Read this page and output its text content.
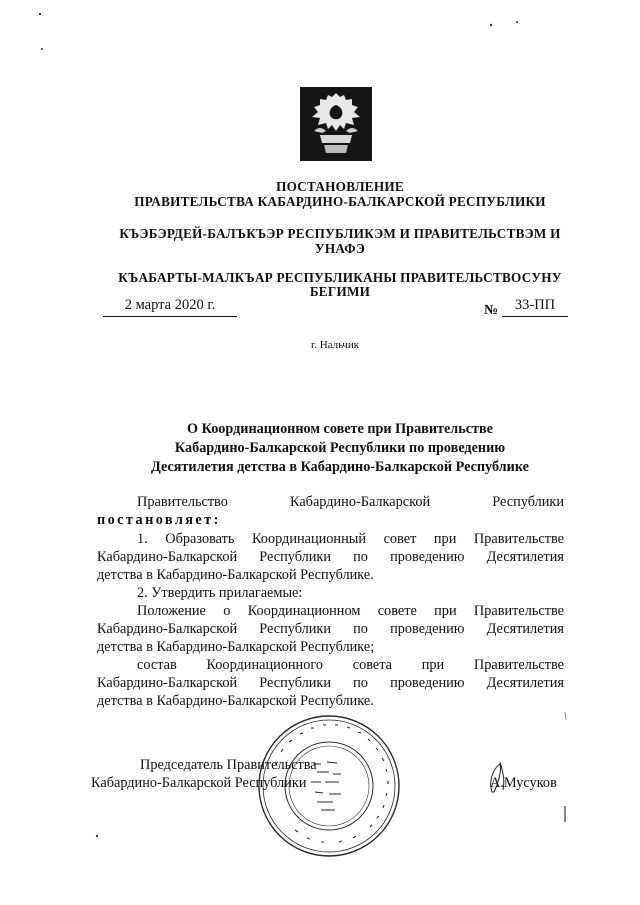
ПОСТАНОВЛЕНИЕ
ПРАВИТЕЛЬСТВА КАБАРДИНО-БАЛКАРСКОЙ РЕСПУБЛИКИ
КЪЭБЭРДЕЙ-БАЛЪКЪЭР РЕСПУБЛИКЭМ И ПРАВИТЕЛЬСТВЭМ И
УНАФЭ
КЪАБАРТЫ-МАЛКЪАР РЕСПУБЛИКАНЫ ПРАВИТЕЛЬСТВОСУНУ
БЕГИМИ
2 марта 2020 г.	№	33-ПП
г. Нальчик
О Координационном совете при Правительстве
Кабардино-Балкарской Республики по проведению
Десятилетия детства в Кабардино-Балкарской Республике
Правительство Кабардино-Балкарской Республики
постановляет:
1. Образовать Координационный совет при Правительстве
Кабардино-Балкарской Республики по проведению Десятилетия
детства в Кабардино-Балкарской Республике.
2. Утвердить прилагаемые:
Положение о Координационном совете при Правительстве
Кабардино-Балкарской Республики по проведению Десятилетия
детства в Кабардино-Балкарской Республике;
состав Координационного совета при Правительстве
Кабардино-Балкарской Республики по проведению Десятилетия
детства в Кабардино-Балкарской Республике.
Председатель Правительства
Кабардино-Балкарской Республики	А.Мусуков
